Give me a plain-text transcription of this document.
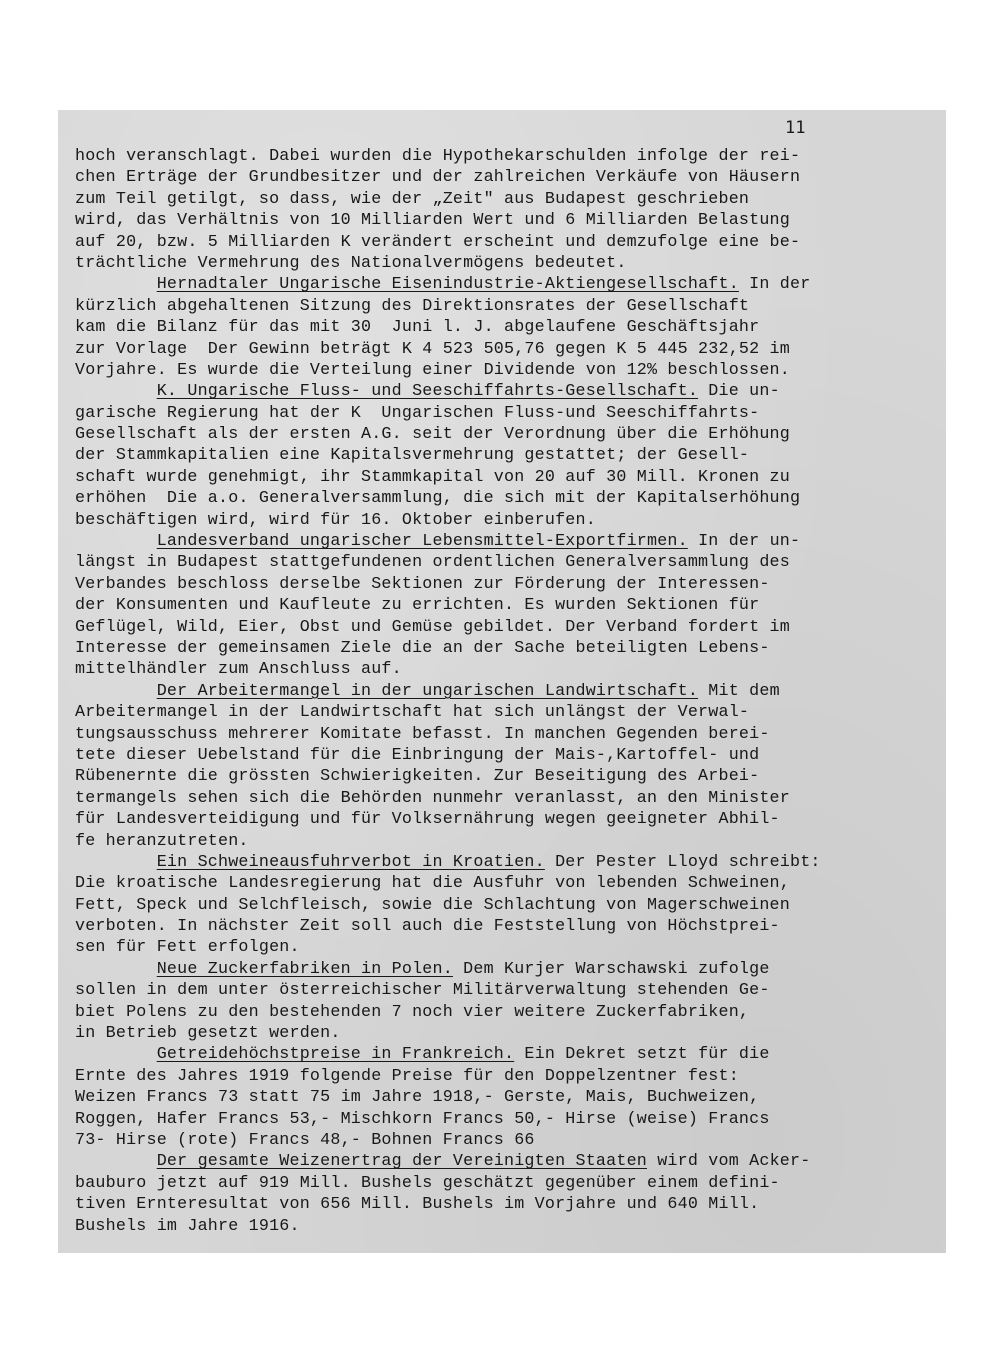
11
hoch veranschlagt. Dabei wurden die Hypothekarschulden infolge der rei-
chen Erträge der Grundbesitzer und der zahlreichen Verkäufe von Häusern
zum Teil getilgt, so dass, wie der „Zeit" aus Budapest geschrieben
wird, das Verhältnis von 10 Milliarden Wert und 6 Milliarden Belastung
auf 20, bzw. 5 Milliarden K verändert erscheint und demzufolge eine be-
trächtliche Vermehrung des Nationalvermögens bedeutet.
Hernadtaler Ungarische Eisenindustrie-Aktiengesellschaft. In der
kürzlich abgehaltenen Sitzung des Direktionsrates der Gesellschaft
kam die Bilanz für das mit 30  Juni l. J. abgelaufene Geschäftsjahr
zur Vorlage  Der Gewinn beträgt K 4 523 505,76 gegen K 5 445 232,52 im
Vorjahre. Es wurde die Verteilung einer Dividende von 12% beschlossen.
K. Ungarische Fluss- und Seeschiffahrts-Gesellschaft. Die un-
garische Regierung hat der K  Ungarischen Fluss-und Seeschiffahrts-
Gesellschaft als der ersten A.G. seit der Verordnung über die Erhöhung
der Stammkapitalien eine Kapitalsvermehrung gestattet; der Gesell-
schaft wurde genehmigt, ihr Stammkapital von 20 auf 30 Mill. Kronen zu
erhöhen  Die a.o. Generalversammlung, die sich mit der Kapitalserhöhung
beschäftigen wird, wird für 16. Oktober einberufen.
Landesverband ungarischer Lebensmittel-Exportfirmen. In der un-
längst in Budapest stattgefundenen ordentlichen Generalversammlung des
Verbandes beschloss derselbe Sektionen zur Förderung der Interessen-
der Konsumenten und Kaufleute zu errichten. Es wurden Sektionen für
Geflügel, Wild, Eier, Obst und Gemüse gebildet. Der Verband fordert im
Interesse der gemeinsamen Ziele die an der Sache beteiligten Lebens-
mittelhändler zum Anschluss auf.
Der Arbeitermangel in der ungarischen Landwirtschaft. Mit dem
Arbeitermangel in der Landwirtschaft hat sich unlängst der Verwal-
tungsausschuss mehrerer Komitate befasst. In manchen Gegenden berei-
tete dieser Uebelstand für die Einbringung der Mais-,Kartoffel- und
Rübenernte die grössten Schwierigkeiten. Zur Beseitigung des Arbei-
termangels sehen sich die Behörden nunmehr veranlasst, an den Minister
für Landesverteidigung und für Volksernährung wegen geeigneter Abhil-
fe heranzutreten.
Ein Schweineausfuhrverbot in Kroatien. Der Pester Lloyd schreibt:
Die kroatische Landesregierung hat die Ausfuhr von lebenden Schweinen,
Fett, Speck und Selchfleisch, sowie die Schlachtung von Magerschweinen
verboten. In nächster Zeit soll auch die Feststellung von Höchstprei-
sen für Fett erfolgen.
Neue Zuckerfabriken in Polen. Dem Kurjer Warschawski zufolge
sollen in dem unter österreichischer Militärverwaltung stehenden Ge-
biet Polens zu den bestehenden 7 noch vier weitere Zuckerfabriken,
in Betrieb gesetzt werden.
Getreidehöchstpreise in Frankreich. Ein Dekret setzt für die
Ernte des Jahres 1919 folgende Preise für den Doppelzentner fest:
Weizen Francs 73 statt 75 im Jahre 1918,- Gerste, Mais, Buchweizen,
Roggen, Hafer Francs 53,- Mischkorn Francs 50,- Hirse (weise) Francs
73- Hirse (rote) Francs 48,- Bohnen Francs 66
Der gesamte Weizenertrag der Vereinigten Staaten wird vom Acker-
bauburo jetzt auf 919 Mill. Bushels geschätzt gegenüber einem defini-
tiven Ernteresultat von 656 Mill. Bushels im Vorjahre und 640 Mill.
Bushels im Jahre 1916.
